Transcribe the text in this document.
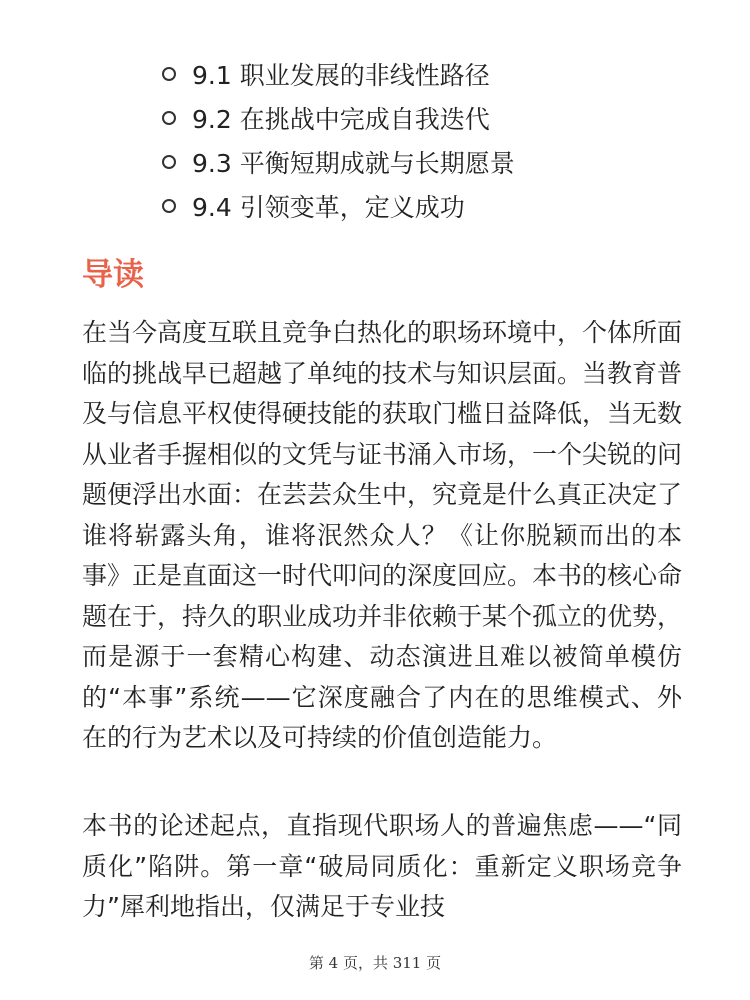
9.1 职业发展的非线性路径
9.2 在挑战中完成自我迭代
9.3 平衡短期成就与长期愿景
9.4 引领变革，定义成功
导读

在当今高度互联且竞争白热化的职场环境中，个体所面临的挑战早已超越了单纯的技术与知识层面。当教育普及与信息平权使得硬技能的获取门槛日益降低，当无数从业者手握相似的文凭与证书涌入市场，一个尖锐的问题便浮出水面：在芸芸众生中，究竟是什么真正决定了谁将崭露头角，谁将泯然众人？《让你脱颖而出的本事》正是直面这一时代叩问的深度回应。本书的核心命题在于，持久的职业成功并非依赖于某个孤立的优势，而是源于一套精心构建、动态演进且难以被简单模仿的“本事”系统——它深度融合了内在的思维模式、外在的行为艺术以及可持续的价值创造能力。

本书的论述起点，直指现代职场人的普遍焦虑——“同质化”陷阱。第一章“破局同质化：重新定义职场竞争力”犀利地指出，仅满足于专业技

第 4 页，共 311 页
